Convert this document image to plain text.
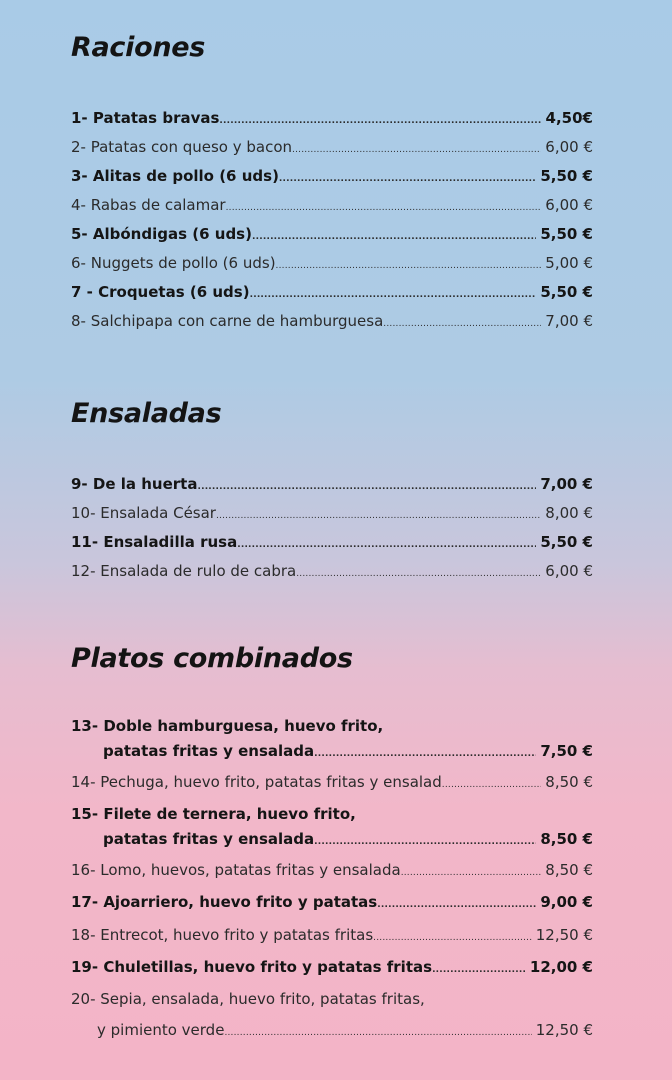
Raciones
1- Patatas bravas .....	4,50€
2- Patatas con queso y bacon .....	6,00 €
3- Alitas de pollo (6 uds) .....	5,50 €
4- Rabas de calamar .....	6,00 €
5- Albóndigas (6 uds) .....	5,50 €
6- Nuggets de pollo (6 uds) .....	5,00 €
7 - Croquetas (6 uds) .....	5,50 €
8- Salchipapa con carne de hamburguesa .....	7,00 €
Ensaladas
9- De la huerta .....	7,00 €
10- Ensalada César .....	8,00 €
11- Ensaladilla rusa .....	5,50 €
12- Ensalada de rulo de cabra .....	6,00 €
Platos combinados
13- Doble hamburguesa, huevo frito,
patatas fritas y ensalada .....	7,50 €
14- Pechuga, huevo frito, patatas fritas y ensalad .....	8,50 €
15- Filete de ternera, huevo frito,
patatas fritas y ensalada .....	8,50 €
16- Lomo, huevos, patatas fritas y ensalada .....	8,50 €
17- Ajoarriero, huevo frito y patatas .....	9,00 €
18- Entrecot, huevo frito y patatas fritas .....	12,50 €
19- Chuletillas, huevo frito y patatas fritas .....	12,00 €
20- Sepia, ensalada, huevo frito, patatas fritas,
y pimiento verde .....	12,50 €
